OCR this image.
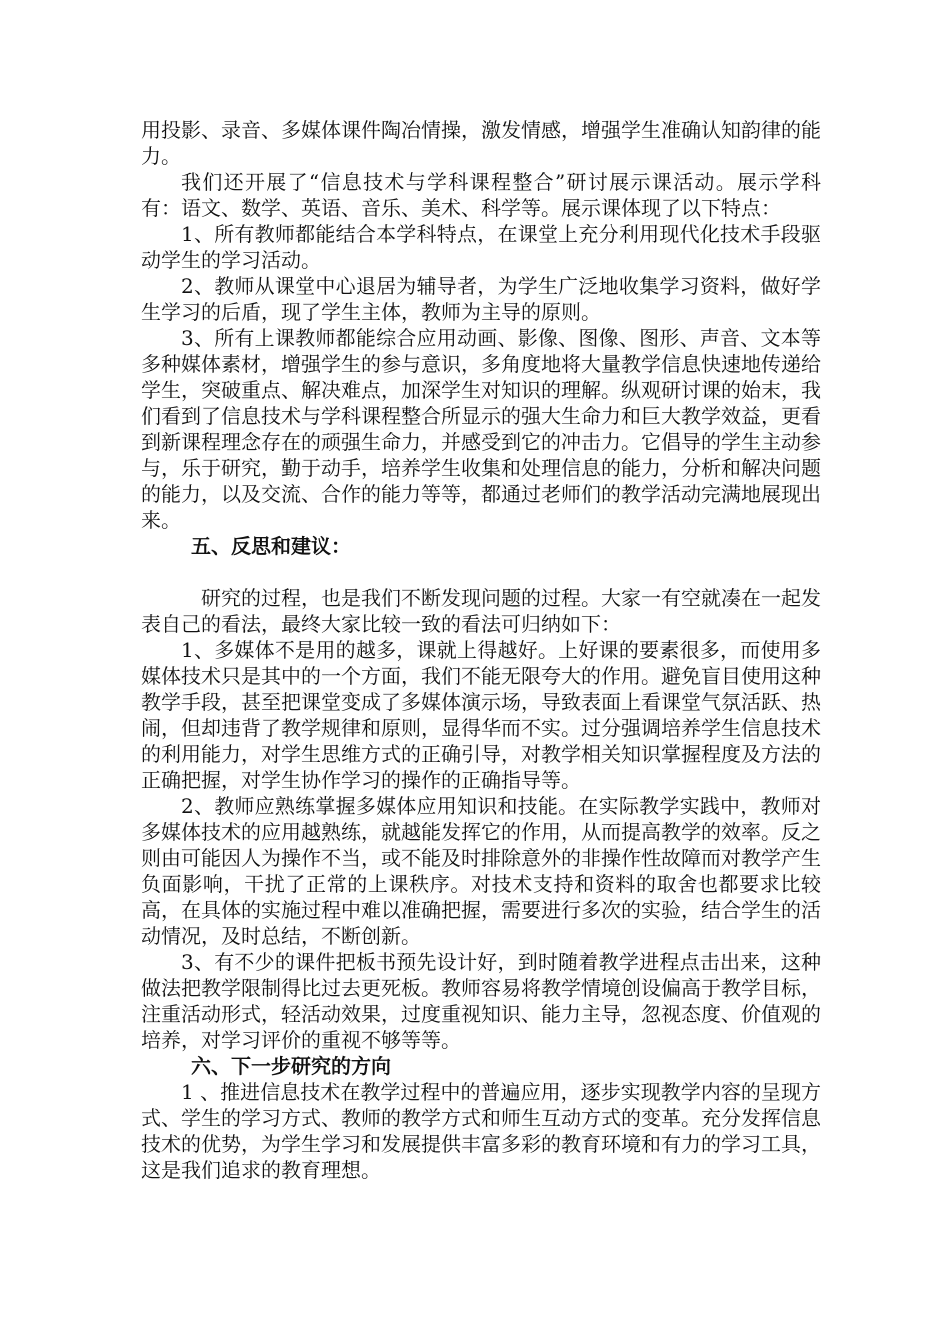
用投影、录音、多媒体课件陶冶情操，激发情感，增强学生准确认知韵律的能力。

我们还开展了“信息技术与学科课程整合”研讨展示课活动。展示学科有：语文、数学、英语、音乐、美术、科学等。展示课体现了以下特点：

1、所有教师都能结合本学科特点，在课堂上充分利用现代化技术手段驱动学生的学习活动。

2、教师从课堂中心退居为辅导者，为学生广泛地收集学习资料，做好学生学习的后盾，现了学生主体，教师为主导的原则。

3、所有上课教师都能综合应用动画、影像、图像、图形、声音、文本等多种媒体素材，增强学生的参与意识，多角度地将大量教学信息快速地传递给学生，突破重点、解决难点，加深学生对知识的理解。纵观研讨课的始末，我们看到了信息技术与学科课程整合所显示的强大生命力和巨大教学效益，更看到新课程理念存在的顽强生命力，并感受到它的冲击力。它倡导的学生主动参与，乐于研究，勤于动手，培养学生收集和处理信息的能力，分析和解决问题的能力，以及交流、合作的能力等等，都通过老师们的教学活动完满地展现出来。

五、反思和建议：

研究的过程，也是我们不断发现问题的过程。大家一有空就凑在一起发表自己的看法，最终大家比较一致的看法可归纳如下：

1、多媒体不是用的越多，课就上得越好。上好课的要素很多，而使用多媒体技术只是其中的一个方面，我们不能无限夸大的作用。避免盲目使用这种教学手段，甚至把课堂变成了多媒体演示场，导致表面上看课堂气氛活跃、热闹，但却违背了教学规律和原则，显得华而不实。过分强调培养学生信息技术的利用能力，对学生思维方式的正确引导，对教学相关知识掌握程度及方法的正确把握，对学生协作学习的操作的正确指导等。

2、教师应熟练掌握多媒体应用知识和技能。在实际教学实践中，教师对多媒体技术的应用越熟练，就越能发挥它的作用，从而提高教学的效率。反之则由可能因人为操作不当，或不能及时排除意外的非操作性故障而对教学产生负面影响，干扰了正常的上课秩序。对技术支持和资料的取舍也都要求比较高，在具体的实施过程中难以准确把握，需要进行多次的实验，结合学生的活动情况，及时总结，不断创新。

3、有不少的课件把板书预先设计好，到时随着教学进程点击出来，这种做法把教学限制得比过去更死板。教师容易将教学情境创设偏高于教学目标，注重活动形式，轻活动效果，过度重视知识、能力主导，忽视态度、价值观的培养，对学习评价的重视不够等等。

六、下一步研究的方向

1 、推进信息技术在教学过程中的普遍应用，逐步实现教学内容的呈现方式、学生的学习方式、教师的教学方式和师生互动方式的变革。充分发挥信息技术的优势，为学生学习和发展提供丰富多彩的教育环境和有力的学习工具，这是我们追求的教育理想。
